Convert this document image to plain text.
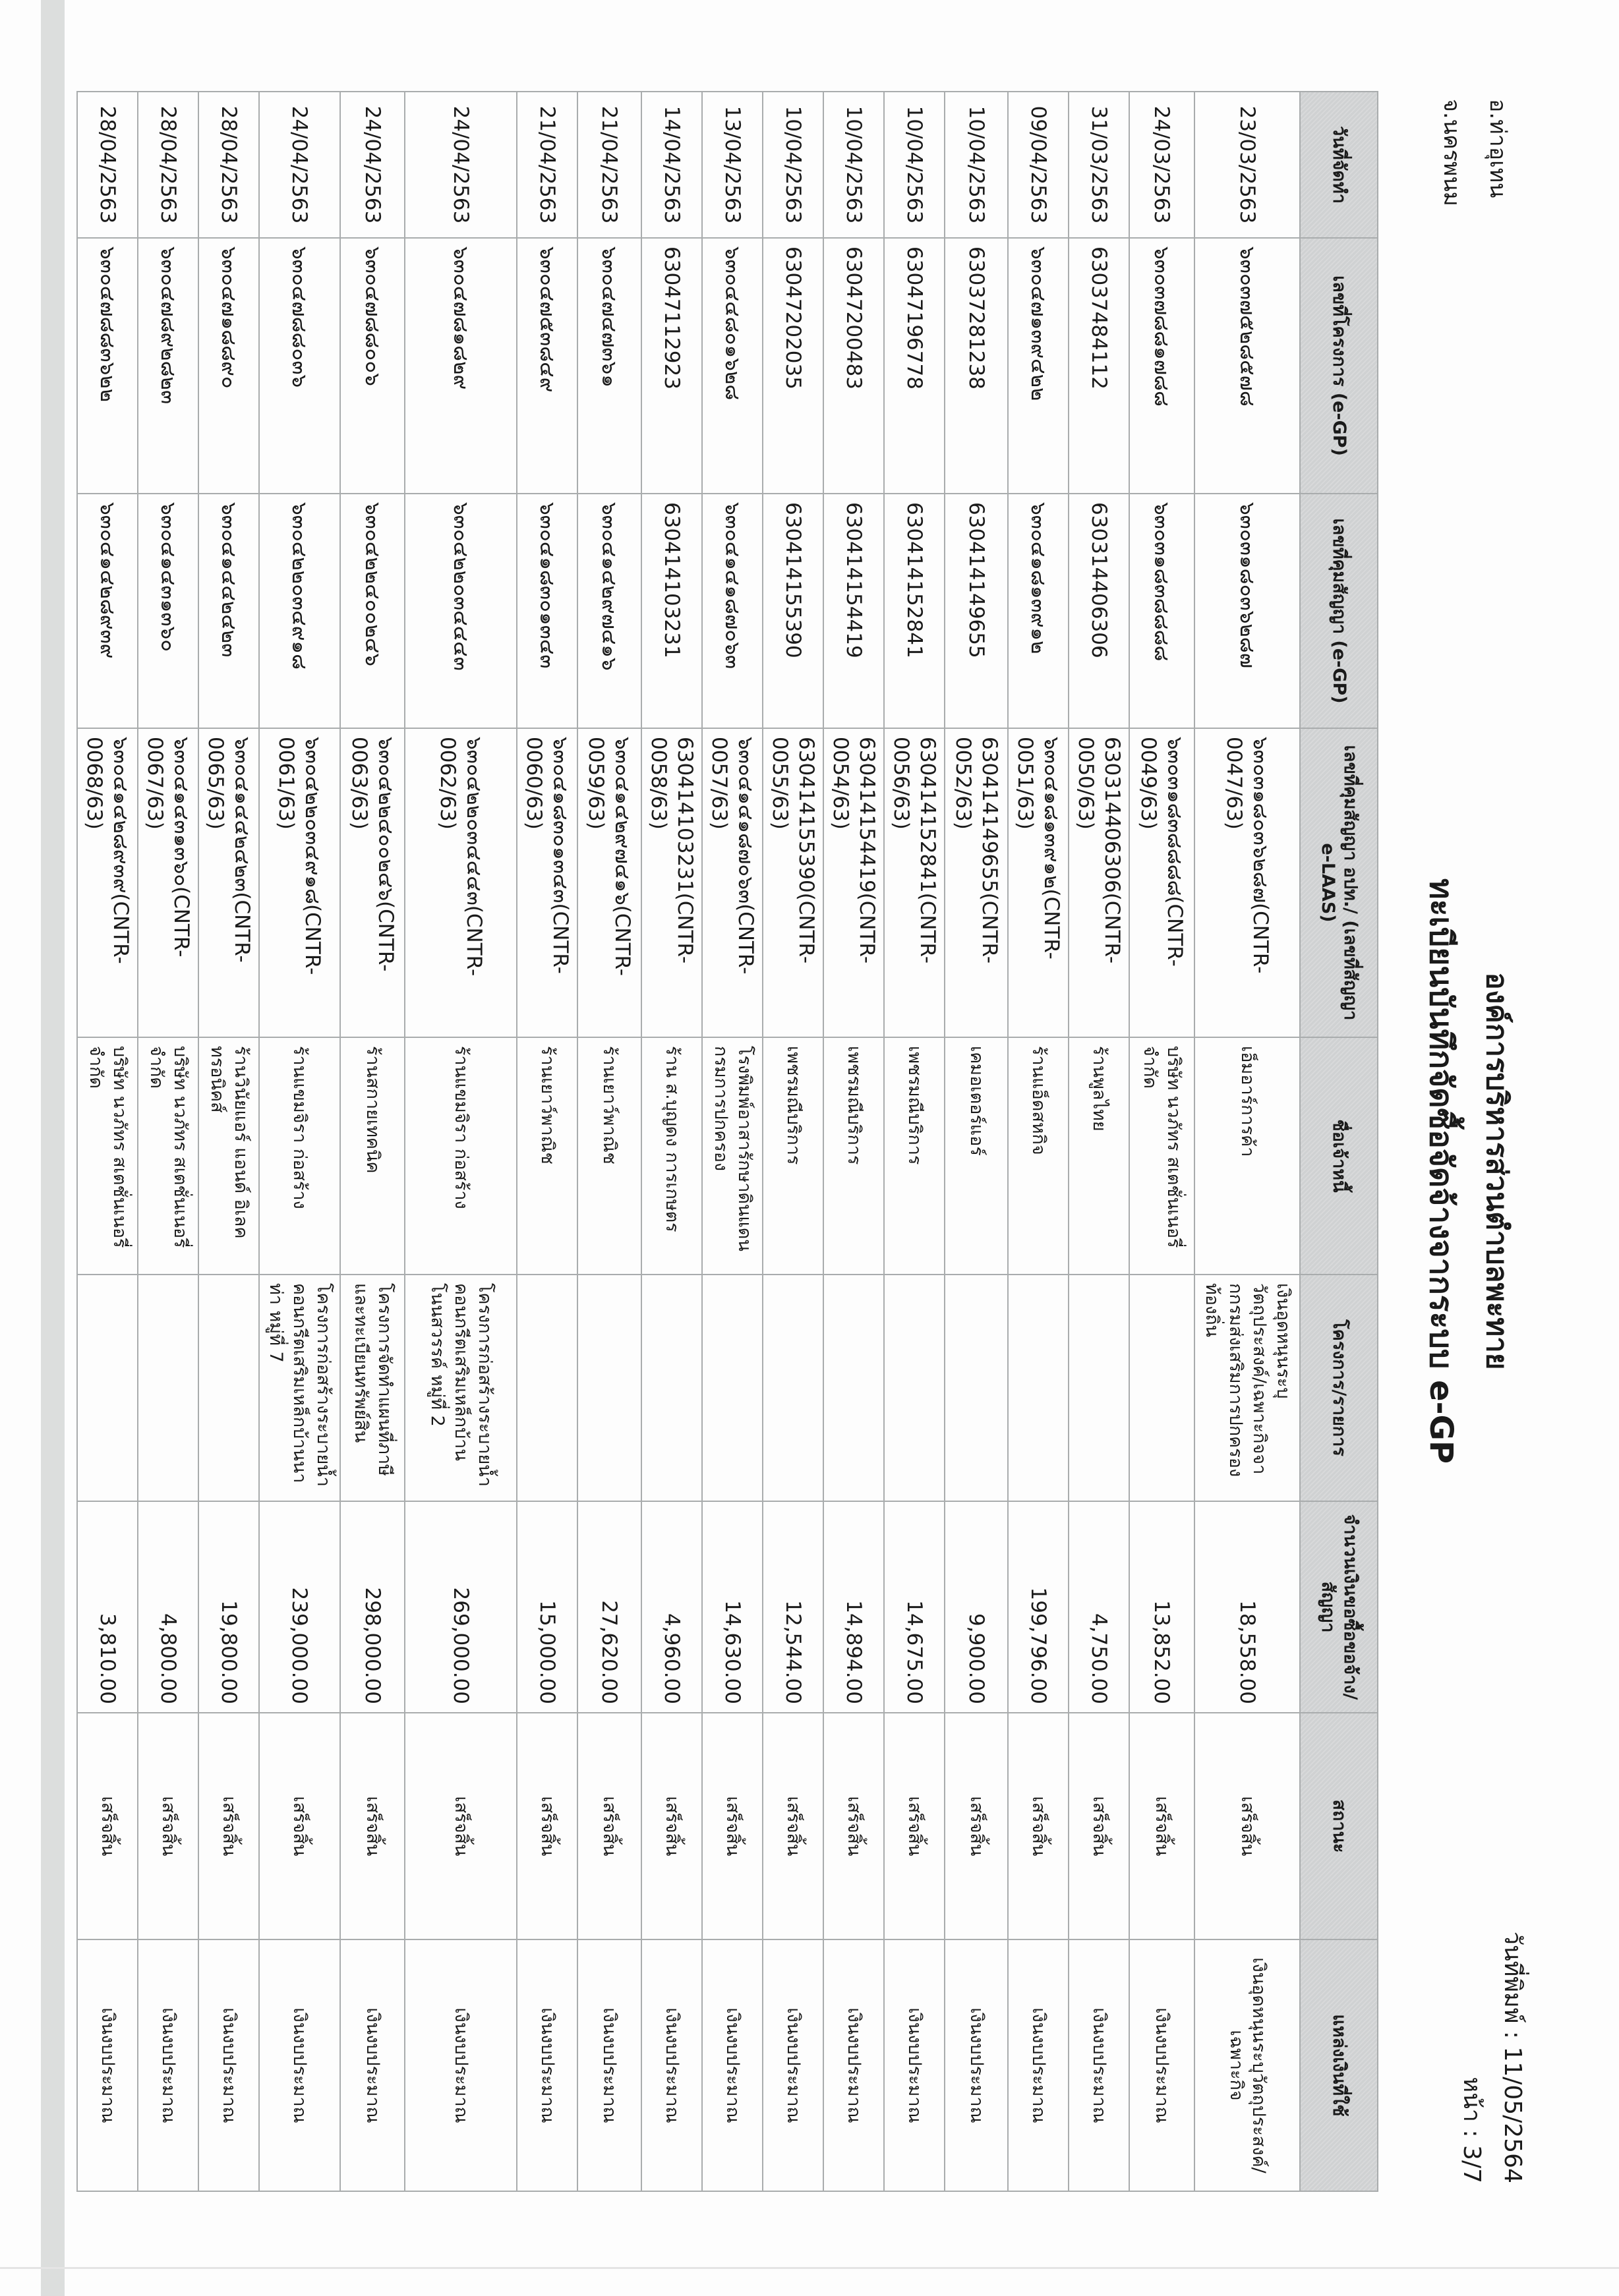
อ.ท่าอุเทน
จ.นครพนม
องค์การบริหารส่วนตำบลพะทาย
ทะเบียนบันทึกจัดซื้อจัดจ้างจากระบบ e-GP
วันที่พิมพ์ : 11/05/2564
หน้า : 3/7
วันที่จัดทำ	เลขที่โครงการ (e-GP)	เลขที่คุมสัญญา (e-GP)	เลขที่คุมสัญญา อปท./ (เลขที่สัญญา e-LAAS)	ชื่อเจ้าหนี้	โครงการ/รายการ	จำนวนเงินขอซื้อขอจ้าง/สัญญา	สถานะ	แหล่งเงินที่ใช้
23/03/2563	๖๓๐๓๗๕๒๘๕๗๘	๖๓๐๓๑๘๐๓๖๒๘๗	๖๓๐๓๑๘๐๓๖๒๘๗(CNTR-0047/63)	เอ็มอาร์การค้า	เงินอุดหนุนระบุวัตถุประสงค์/เฉพาะกิจจากกรมส่งเสริมการปกครองท้องถิ่น	18,558.00	เสร็จสิ้น	เงินอุดหนุนระบุวัตถุประสงค์/เฉพาะกิจ
24/03/2563	๖๓๐๓๗๘๘๑๗๘๘	๖๓๐๓๑๘๓๘๘๘๘	๖๓๐๓๑๘๓๘๘๘๘(CNTR-0049/63)	บริษัท นวภัทร สเตชั่นเนอรี่ จำกัด		13,852.00	เสร็จสิ้น	เงินงบประมาณ
31/03/2563	63037484112	630314406306	630314406306(CNTR-0050/63)	ร้านพูลไทย		4,750.00	เสร็จสิ้น	เงินงบประมาณ
09/04/2563	๖๓๐๔๗๑๓๙๔๒๒	๖๓๐๔๑๘๑๓๙๑๒	๖๓๐๔๑๘๑๓๙๑๒(CNTR-0051/63)	ร้านแอ็ดสหกิจ		199,796.00	เสร็จสิ้น	เงินงบประมาณ
10/04/2563	63037281238	630414149655	630414149655(CNTR-0052/63)	เคมอเตอร์แอร์		9,900.00	เสร็จสิ้น	เงินงบประมาณ
10/04/2563	63047196778	630414152841	630414152841(CNTR-0056/63)	เพชรมณีบริการ		14,675.00	เสร็จสิ้น	เงินงบประมาณ
10/04/2563	63047200483	630414154419	630414154419(CNTR-0054/63)	เพชรมณีบริการ		14,894.00	เสร็จสิ้น	เงินงบประมาณ
10/04/2563	63047202035	630414155390	630414155390(CNTR-0055/63)	เพชรมณีบริการ		12,544.00	เสร็จสิ้น	เงินงบประมาณ
13/04/2563	๖๓๐๔๔๘๐๑๖๒๘	๖๓๐๔๑๔๑๘๗๐๖๓	๖๓๐๔๑๔๑๘๗๐๖๓(CNTR-0057/63)	โรงพิมพ์อาสารักษาดินแดน กรมการปกครอง		14,630.00	เสร็จสิ้น	เงินงบประมาณ
14/04/2563	63047112923	630414103231	630414103231(CNTR-0058/63)	ร้าน ส.บุญดง การเกษตร		4,960.00	เสร็จสิ้น	เงินงบประมาณ
21/04/2563	๖๓๐๔๗๔๗๓๖๑	๖๓๐๔๑๔๒๙๗๔๑๖	๖๓๐๔๑๔๒๙๗๔๑๖(CNTR-0059/63)	ร้านเยาว์พาณิช		27,620.00	เสร็จสิ้น	เงินงบประมาณ
21/04/2563	๖๓๐๔๗๕๓๘๔๙	๖๓๐๔๑๘๓๐๑๓๔๓	๖๓๐๔๑๘๓๐๑๓๔๓(CNTR-0060/63)	ร้านเยาว์พาณิช		15,000.00	เสร็จสิ้น	เงินงบประมาณ
24/04/2563	๖๓๐๔๗๘๑๘๒๙	๖๓๐๔๒๒๐๓๔๔๔๓	๖๓๐๔๒๒๐๓๔๔๔๓(CNTR-0062/63)	ร้านแขมจิรา ก่อสร้าง	โครงการก่อสร้างระบายน้ำคอนกรีตเสริมเหล็กบ้านโนนสวรรค์ หมู่ที่ 2	269,000.00	เสร็จสิ้น	เงินงบประมาณ
24/04/2563	๖๓๐๔๗๘๘๐๐๖	๖๓๐๔๒๒๔๐๐๒๔๖	๖๓๐๔๒๒๔๐๐๒๔๖(CNTR-0063/63)	ร้านสกายเทคนิค	โครงการจัดทำแผนที่ภาษีและทะเบียนทรัพย์สิน	298,000.00	เสร็จสิ้น	เงินงบประมาณ
24/04/2563	๖๓๐๔๗๘๘๐๓๖	๖๓๐๔๒๒๐๓๔๙๑๘	๖๓๐๔๒๒๐๓๔๙๑๘(CNTR-0061/63)	ร้านแขมจิรา ก่อสร้าง	โครงการก่อสร้างระบายน้ำคอนกรีตเสริมเหล็กบ้านนาท่า หมู่ที่ 7	239,000.00	เสร็จสิ้น	เงินงบประมาณ
28/04/2563	๖๓๐๔๗๑๘๘๙๐	๖๓๐๔๑๔๔๒๔๒๓	๖๓๐๔๑๔๔๒๔๒๓(CNTR-0065/63)	ร้านวินัยแอร์ แอนด์ อิเลคทรอนิคส์		19,800.00	เสร็จสิ้น	เงินงบประมาณ
28/04/2563	๖๓๐๔๗๘๙๒๘๒๓	๖๓๐๔๑๔๓๑๓๖๐	๖๓๐๔๑๔๓๑๓๖๐(CNTR-0067/63)	บริษัท นวภัทร สเตชั่นเนอรี่ จำกัด		4,800.00	เสร็จสิ้น	เงินงบประมาณ
28/04/2563	๖๓๐๔๗๘๘๓๖๒๒	๖๓๐๔๑๔๒๘๙๓๙	๖๓๐๔๑๔๒๘๙๓๙(CNTR-0068/63)	บริษัท นวภัทร สเตชั่นเนอรี่ จำกัด		3,810.00	เสร็จสิ้น	เงินงบประมาณ
